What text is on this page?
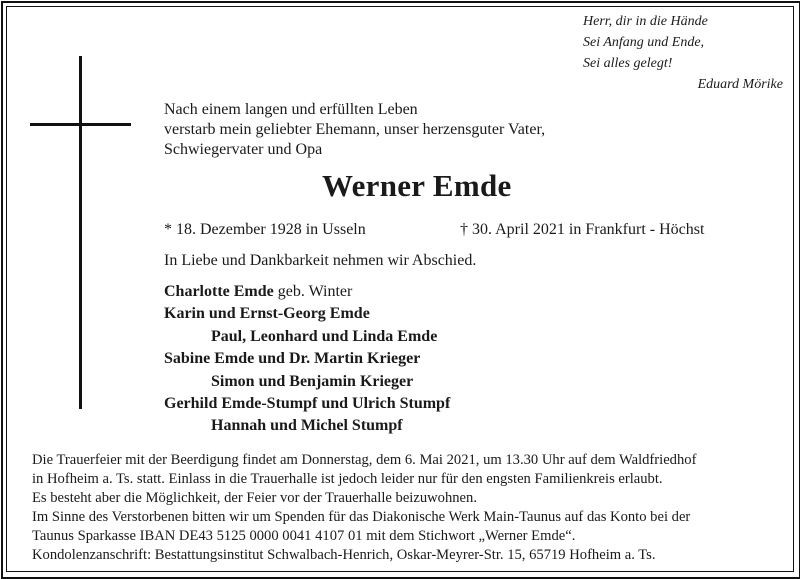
Herr, dir in die Hände
Sei Anfang und Ende,
Sei alles gelegt!
Eduard Mörike
Nach einem langen und erfüllten Leben
verstarb mein geliebter Ehemann, unser herzensguter Vater,
Schwiegervater und Opa
Werner Emde
* 18. Dezember 1928 in Usseln	† 30. April 2021 in Frankfurt - Höchst
In Liebe und Dankbarkeit nehmen wir Abschied.
Charlotte Emde geb. Winter
Karin und Ernst-Georg Emde
Paul, Leonhard und Linda Emde
Sabine Emde und Dr. Martin Krieger
Simon und Benjamin Krieger
Gerhild Emde-Stumpf und Ulrich Stumpf
Hannah und Michel Stumpf
Die Trauerfeier mit der Beerdigung findet am Donnerstag, dem 6. Mai 2021, um 13.30 Uhr auf dem Waldfriedhof
in Hofheim a. Ts. statt. Einlass in die Trauerhalle ist jedoch leider nur für den engsten Familienkreis erlaubt.
Es besteht aber die Möglichkeit, der Feier vor der Trauerhalle beizuwohnen.
Im Sinne des Verstorbenen bitten wir um Spenden für das Diakonische Werk Main-Taunus auf das Konto bei der
Taunus Sparkasse IBAN DE43 5125 0000 0041 4107 01 mit dem Stichwort „Werner Emde“.
Kondolenzanschrift: Bestattungsinstitut Schwalbach-Henrich, Oskar-Meyrer-Str. 15, 65719 Hofheim a. Ts.
